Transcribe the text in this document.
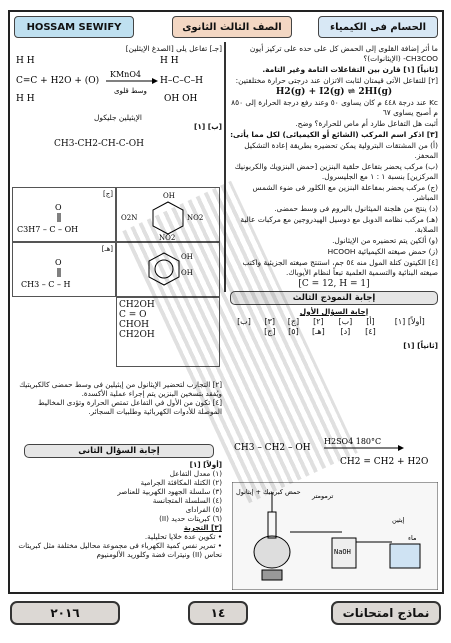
الحسام فى الكيمياء
الصف الثالث الثانوى
HOSSAM SEWIFY
ما أثر إضافة القلوى إلى الحمض كل على حده على تركيز أيون CH3COO- (الإيثانوات)؟
[ثانياً] [١] قارن بين التفاعلات التامة وغير التامة.
[٢] للتفاعل الآتى قيمتان لثابت الاتزان عند درجتى حرارة مختلفتين:
H2(g) + I2(g) ⇌ 2HI(g)
Kc عند درجة ٤٤٨ م كان يساوى ٥٠ وعند رفع درجة الحرارة إلى ٨٥٠ م أصبح يساوى ٦٧
أثبت هل التفاعل طارد أم ماص للحرارة؟ وضح.
[٣] اذكر اسم المركب (الشائع أو الكيميائى) لكل مما يأتى:
(أ) من المشتقات البترولية يمكن تحضيره بطريقة إعادة التشكيل المحفز.
(ب) مركب يحضر بتفاعل حلقية البنزين [حمض البنزويك والكربونيك المركزين] بنسبة ١ : ١ مع الجليسرول.
(ج) مركب يحضر بمفاعلة البنزين مع الكلور فى ضوء الشمس المباشر.
(د) ينتج من هلجنة الميثانول بالبروم فى وسط حمضى.
(هـ) مركب نظامه الدوبل مع دوسيل الهيدروجين مع مركبات عالية الصلابة.
(و) ألكين يتم تحضيره من الإيثانول.
(ز) حمض صيغته الكيميائية HCOOH
[٤] الكيتون كتلة المول منه ٥٤ جم، استنتج صيغته الجزيئية واكتب صيغته البنائية والتسمية العلمية تبعاً لنظام الأيوباك.
[C = 12, H = 1]
إجابة النموذج الثالث
إجابة السؤال الأول
[أولاً] [١]	[أ]	[ب]	[٢]	[ج]	[٣]	[ب]
	[٤]	[د]	[هـ]	[٥]	[ج]	
[ثانياً] [١]
[جـ] تفاعل يلى [الصدغ الإيثلين]
H H
C=C + H2O + (O)
H H
KMnO4
وسط قلوى
H H
H–C–C–H
OH OH
الإيثيلين جليكول
[ب] [١]
CH3-CH2-CH-C-OH
[ج]
O
C3H7 – C – OH
OH
O2N	NO2
NO2
[هـ]
O
CH3 – C – H
OH
OH
CH2OH
C = O
CHOH
CH2OH
[٢] التجارب لتحضير الإيثانول من إيثيلين فى وسط حمضى كالكبريتيك ويُفقد بتسخين البنزين يتم إجراء عملية الأكسدة.
[٤] تكون من الأول في التفاعل تمتص الحرارة وتؤدى المخاليط الموصلة للأدوات الكهربائية وطلبيات السجائر.
إجابة السؤال الثانى
[أولاً] [١]
(١) معدل التفاعل
(٢) الكتلة المكافئة الجرامية
(٣) سلسلة الجهود الكهربية للعناصر
(٤) السلسلة المتجانسة
(٥) الفراداى
(٦) كبريتات حديد (II)
[٣] التجربة
• تكوين عدة خلايا تحليلية.
• تمرير نفس كمية الكهرباء فى مجموعة محاليل مختلفة مثل كبريتات نحاس (II) ونيترات فضة وكلوريد الألومنيوم
CH3 – CH2 – OH
H2SO4 180°C
CH2 = CH2 + H2O
حمض كبريتيك + إيثانول ترمومتر
NaOH
إيثين
ماء
نماذج امتحانات
١٤
٢٠١٦
